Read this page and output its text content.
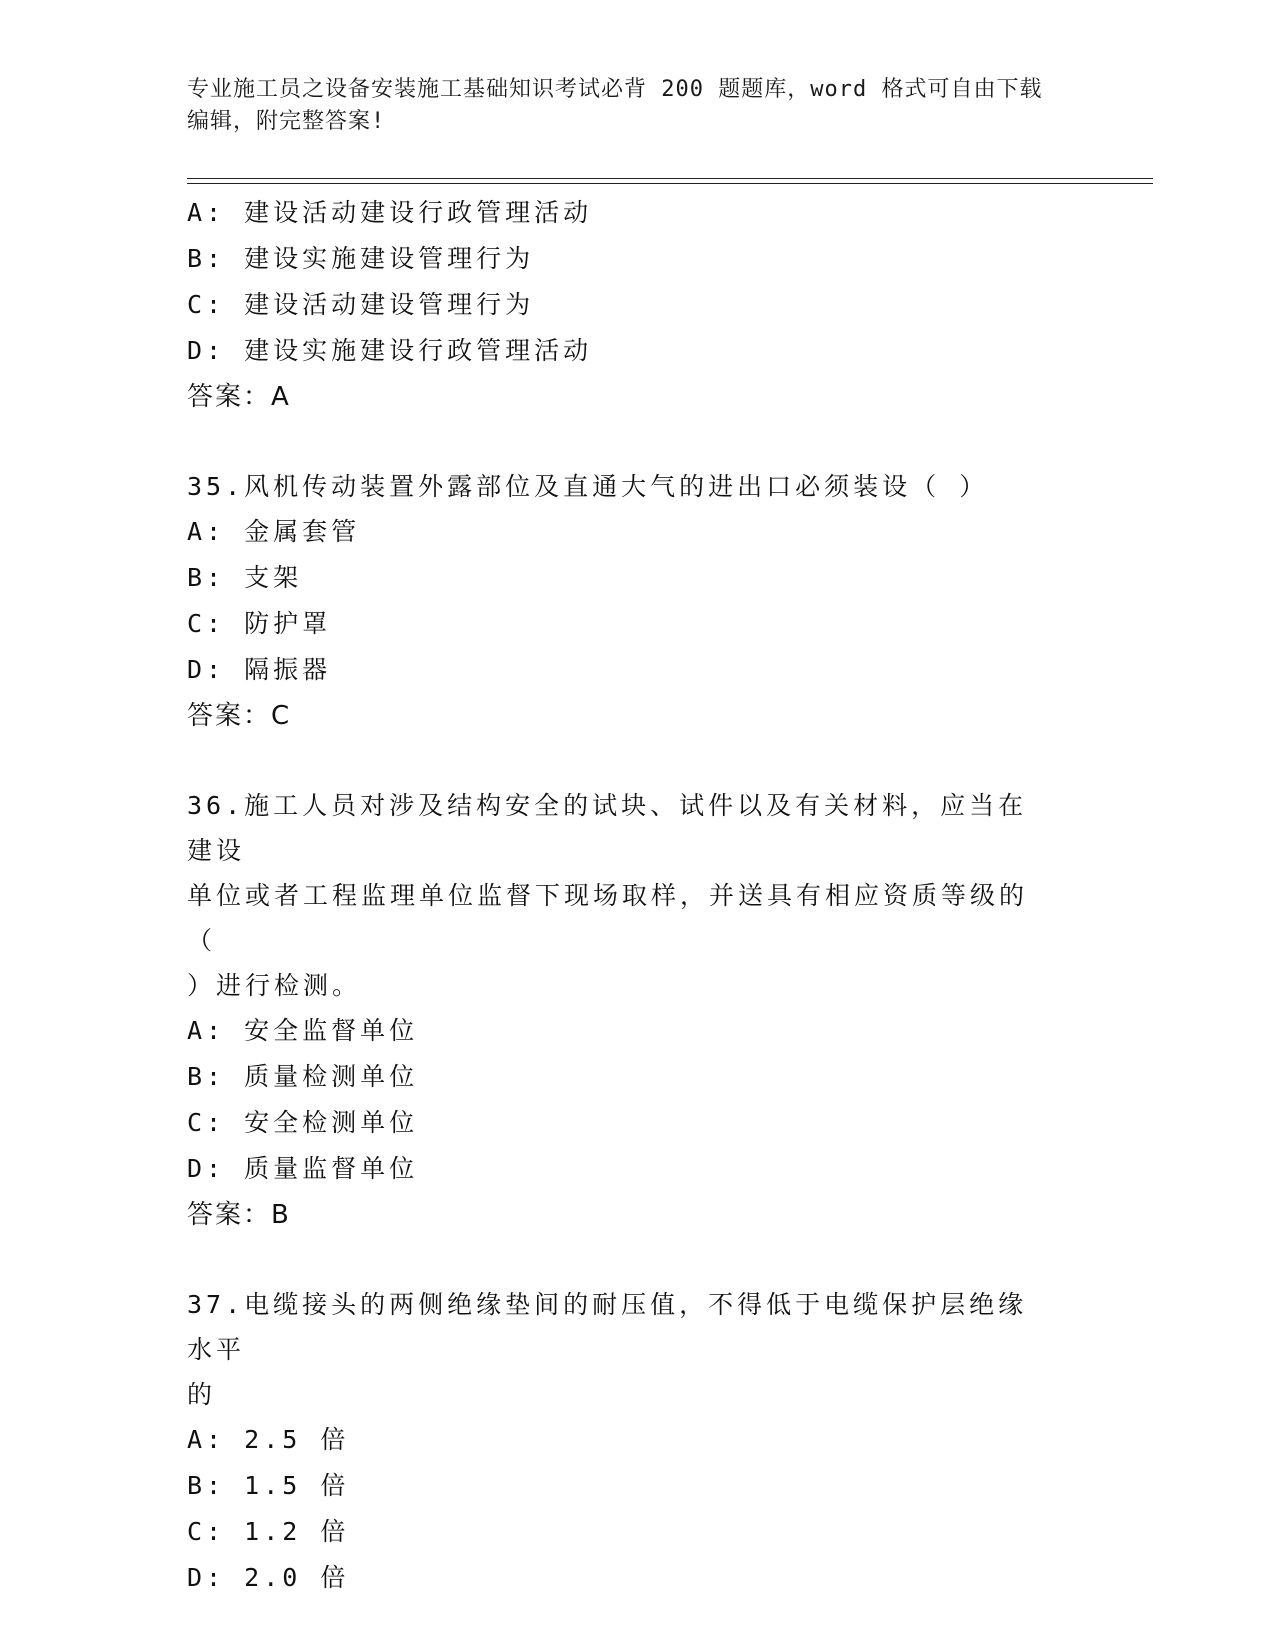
专业施工员之设备安装施工基础知识考试必背 200 题题库，word 格式可自由下载
编辑，附完整答案!
A: 建设活动建设行政管理活动
B: 建设实施建设管理行为
C: 建设活动建设管理行为
D: 建设实施建设行政管理活动
答案：A
35.风机传动装置外露部位及直通大气的进出口必须装设（ ）
A: 金属套管
B: 支架
C: 防护罩
D: 隔振器
答案：C
36.施工人员对涉及结构安全的试块、试件以及有关材料，应当在建设
单位或者工程监理单位监督下现场取样，并送具有相应资质等级的（
）进行检测。
A: 安全监督单位
B: 质量检测单位
C: 安全检测单位
D: 质量监督单位
答案：B
37.电缆接头的两侧绝缘垫间的耐压值，不得低于电缆保护层绝缘水平
的
A: 2.5 倍
B: 1.5 倍
C: 1.2 倍
D: 2.0 倍
